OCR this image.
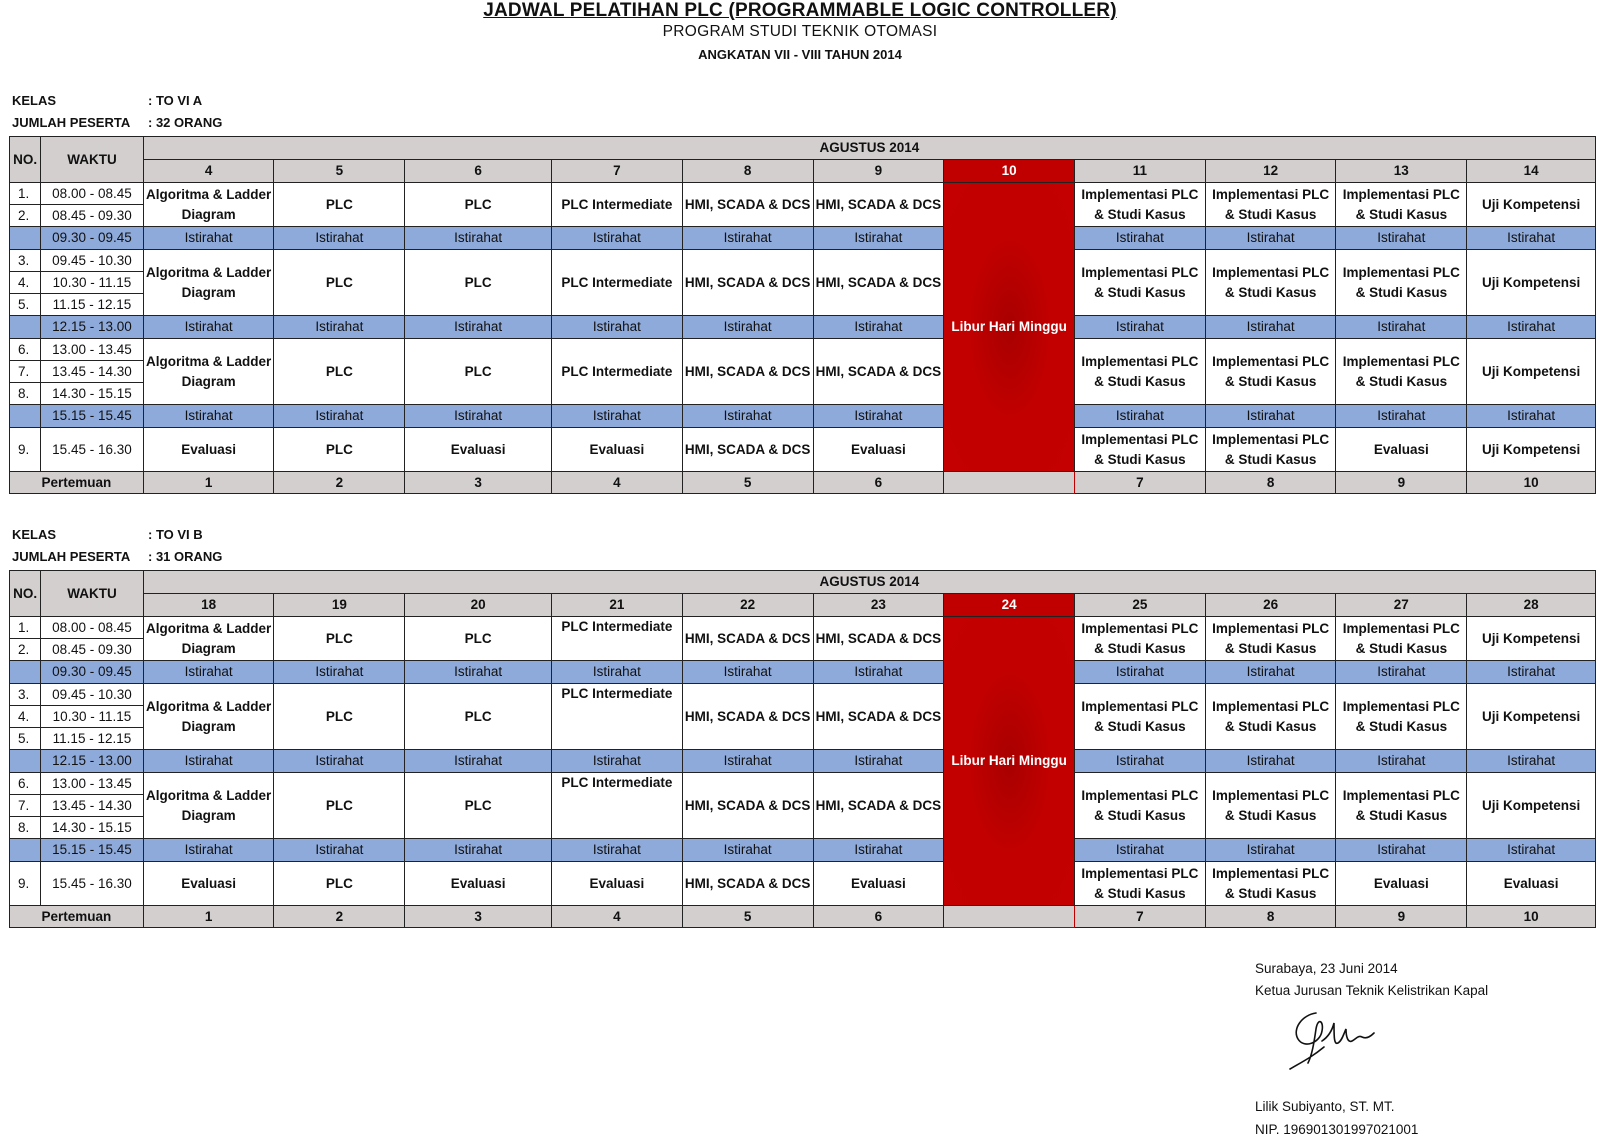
JADWAL PELATIHAN PLC (PROGRAMMABLE LOGIC CONTROLLER)
PROGRAM STUDI TEKNIK OTOMASI
ANGKATAN VII - VIII TAHUN 2014
KELAS	: TO VI A
JUMLAH PESERTA : 32 ORANG
NO.	WAKTU	AGUSTUS 2014										
		4	5	6	7	8	9	10	11	12	13	14
1.	08.00 - 08.45	Algoritma & Ladder Diagram	PLC	PLC	PLC Intermediate	HMI, SCADA & DCS	HMI, SCADA & DCS	Libur Hari Minggu	Implementasi PLC & Studi Kasus	Implementasi PLC & Studi Kasus	Implementasi PLC & Studi Kasus	Uji Kompetensi
2.	08.45 - 09.30											
	09.30 - 09.45	Istirahat	Istirahat	Istirahat	Istirahat	Istirahat	Istirahat		Istirahat	Istirahat	Istirahat	Istirahat
3.	09.45 - 10.30	Algoritma & Ladder Diagram	PLC	PLC	PLC Intermediate	HMI, SCADA & DCS	HMI, SCADA & DCS		Implementasi PLC & Studi Kasus	Implementasi PLC & Studi Kasus	Implementasi PLC & Studi Kasus	Uji Kompetensi
4.	10.30 - 11.15											
5.	11.15 - 12.15											
	12.15 - 13.00	Istirahat	Istirahat	Istirahat	Istirahat	Istirahat	Istirahat		Istirahat	Istirahat	Istirahat	Istirahat
6.	13.00 - 13.45	Algoritma & Ladder Diagram	PLC	PLC	PLC Intermediate	HMI, SCADA & DCS	HMI, SCADA & DCS		Implementasi PLC & Studi Kasus	Implementasi PLC & Studi Kasus	Implementasi PLC & Studi Kasus	Uji Kompetensi
7.	13.45 - 14.30											
8.	14.30 - 15.15											
	15.15 - 15.45	Istirahat	Istirahat	Istirahat	Istirahat	Istirahat	Istirahat		Istirahat	Istirahat	Istirahat	Istirahat
9.	15.45 - 16.30	Evaluasi	PLC	Evaluasi	Evaluasi	HMI, SCADA & DCS	Evaluasi		Implementasi PLC & Studi Kasus	Implementasi PLC & Studi Kasus	Evaluasi	Uji Kompetensi
Pertemuan		1	2	3	4	5	6		7	8	9	10
KELAS	: TO VI B
JUMLAH PESERTA : 31 ORANG
NO.	WAKTU	AGUSTUS 2014										
		18	19	20	21	22	23	24	25	26	27	28
1.	08.00 - 08.45	Algoritma & Ladder Diagram	PLC	PLC	PLC Intermediate	HMI, SCADA & DCS	HMI, SCADA & DCS	Libur Hari Minggu	Implementasi PLC & Studi Kasus	Implementasi PLC & Studi Kasus	Implementasi PLC & Studi Kasus	Uji Kompetensi
2.	08.45 - 09.30											
	09.30 - 09.45	Istirahat	Istirahat	Istirahat	Istirahat	Istirahat	Istirahat		Istirahat	Istirahat	Istirahat	Istirahat
3.	09.45 - 10.30	Algoritma & Ladder Diagram	PLC	PLC	PLC Intermediate	HMI, SCADA & DCS	HMI, SCADA & DCS		Implementasi PLC & Studi Kasus	Implementasi PLC & Studi Kasus	Implementasi PLC & Studi Kasus	Uji Kompetensi
4.	10.30 - 11.15											
5.	11.15 - 12.15											
	12.15 - 13.00	Istirahat	Istirahat	Istirahat	Istirahat	Istirahat	Istirahat		Istirahat	Istirahat	Istirahat	Istirahat
6.	13.00 - 13.45	Algoritma & Ladder Diagram	PLC	PLC	PLC Intermediate	HMI, SCADA & DCS	HMI, SCADA & DCS		Implementasi PLC & Studi Kasus	Implementasi PLC & Studi Kasus	Implementasi PLC & Studi Kasus	Uji Kompetensi
7.	13.45 - 14.30											
8.	14.30 - 15.15											
	15.15 - 15.45	Istirahat	Istirahat	Istirahat	Istirahat	Istirahat	Istirahat		Istirahat	Istirahat	Istirahat	Istirahat
9.	15.45 - 16.30	Evaluasi	PLC	Evaluasi	Evaluasi	HMI, SCADA & DCS	Evaluasi		Implementasi PLC & Studi Kasus	Implementasi PLC & Studi Kasus	Evaluasi	Evaluasi
Pertemuan		1	2	3	4	5	6		7	8	9	10
Surabaya, 23 Juni 2014
Ketua Jurusan Teknik Kelistrikan Kapal
Lilik Subiyanto, ST. MT.
NIP. 196901301997021001
